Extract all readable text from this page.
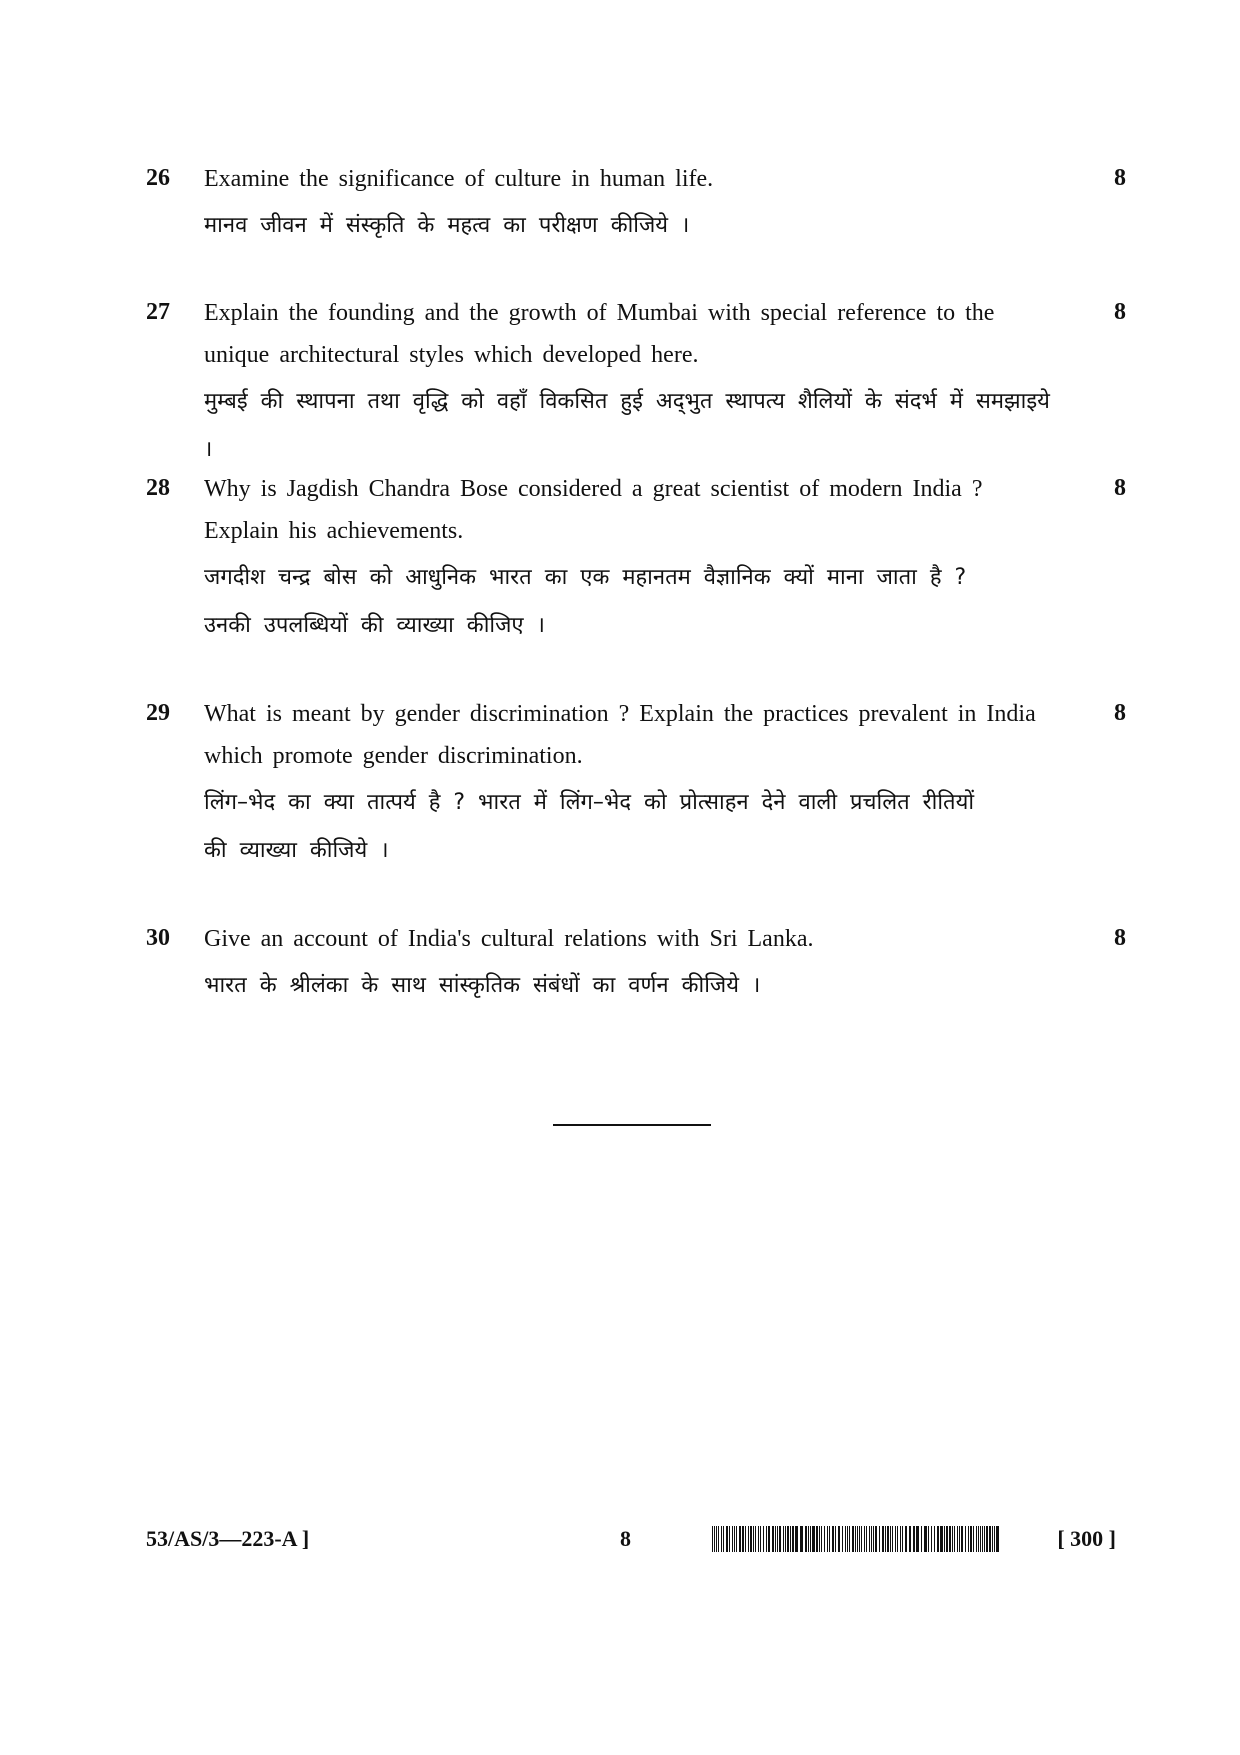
26 Examine the significance of culture in human life.
मानव जीवन में संस्कृति के महत्व का परीक्षण कीजिये ।
8
27 Explain the founding and the growth of Mumbai with special reference to the unique architectural styles which developed here.
मुम्बई की स्थापना तथा वृद्धि को वहाँ विकसित हुई अद्‌भुत स्थापत्य शैलियों के संदर्भ में समझाइये ।
8
28 Why is Jagdish Chandra Bose considered a great scientist of modern India ? Explain his achievements.
जगदीश चन्द्र बोस को आधुनिक भारत का एक महानतम वैज्ञानिक क्यों माना जाता है ?
उनकी उपलब्धियों की व्याख्या कीजिए ।
8
29 What is meant by gender discrimination ? Explain the practices prevalent in India which promote gender discrimination.
लिंग–भेद का क्या तात्पर्य है ? भारत में लिंग–भेद को प्रोत्साहन देने वाली प्रचलित रीतियों
की व्याख्या कीजिये ।
8
30 Give an account of India's cultural relations with Sri Lanka.
भारत के श्रीलंका के साथ सांस्कृतिक संबंधों का वर्णन कीजिये ।
8
53/AS/3—223-A ]	8	[ 300 ]
